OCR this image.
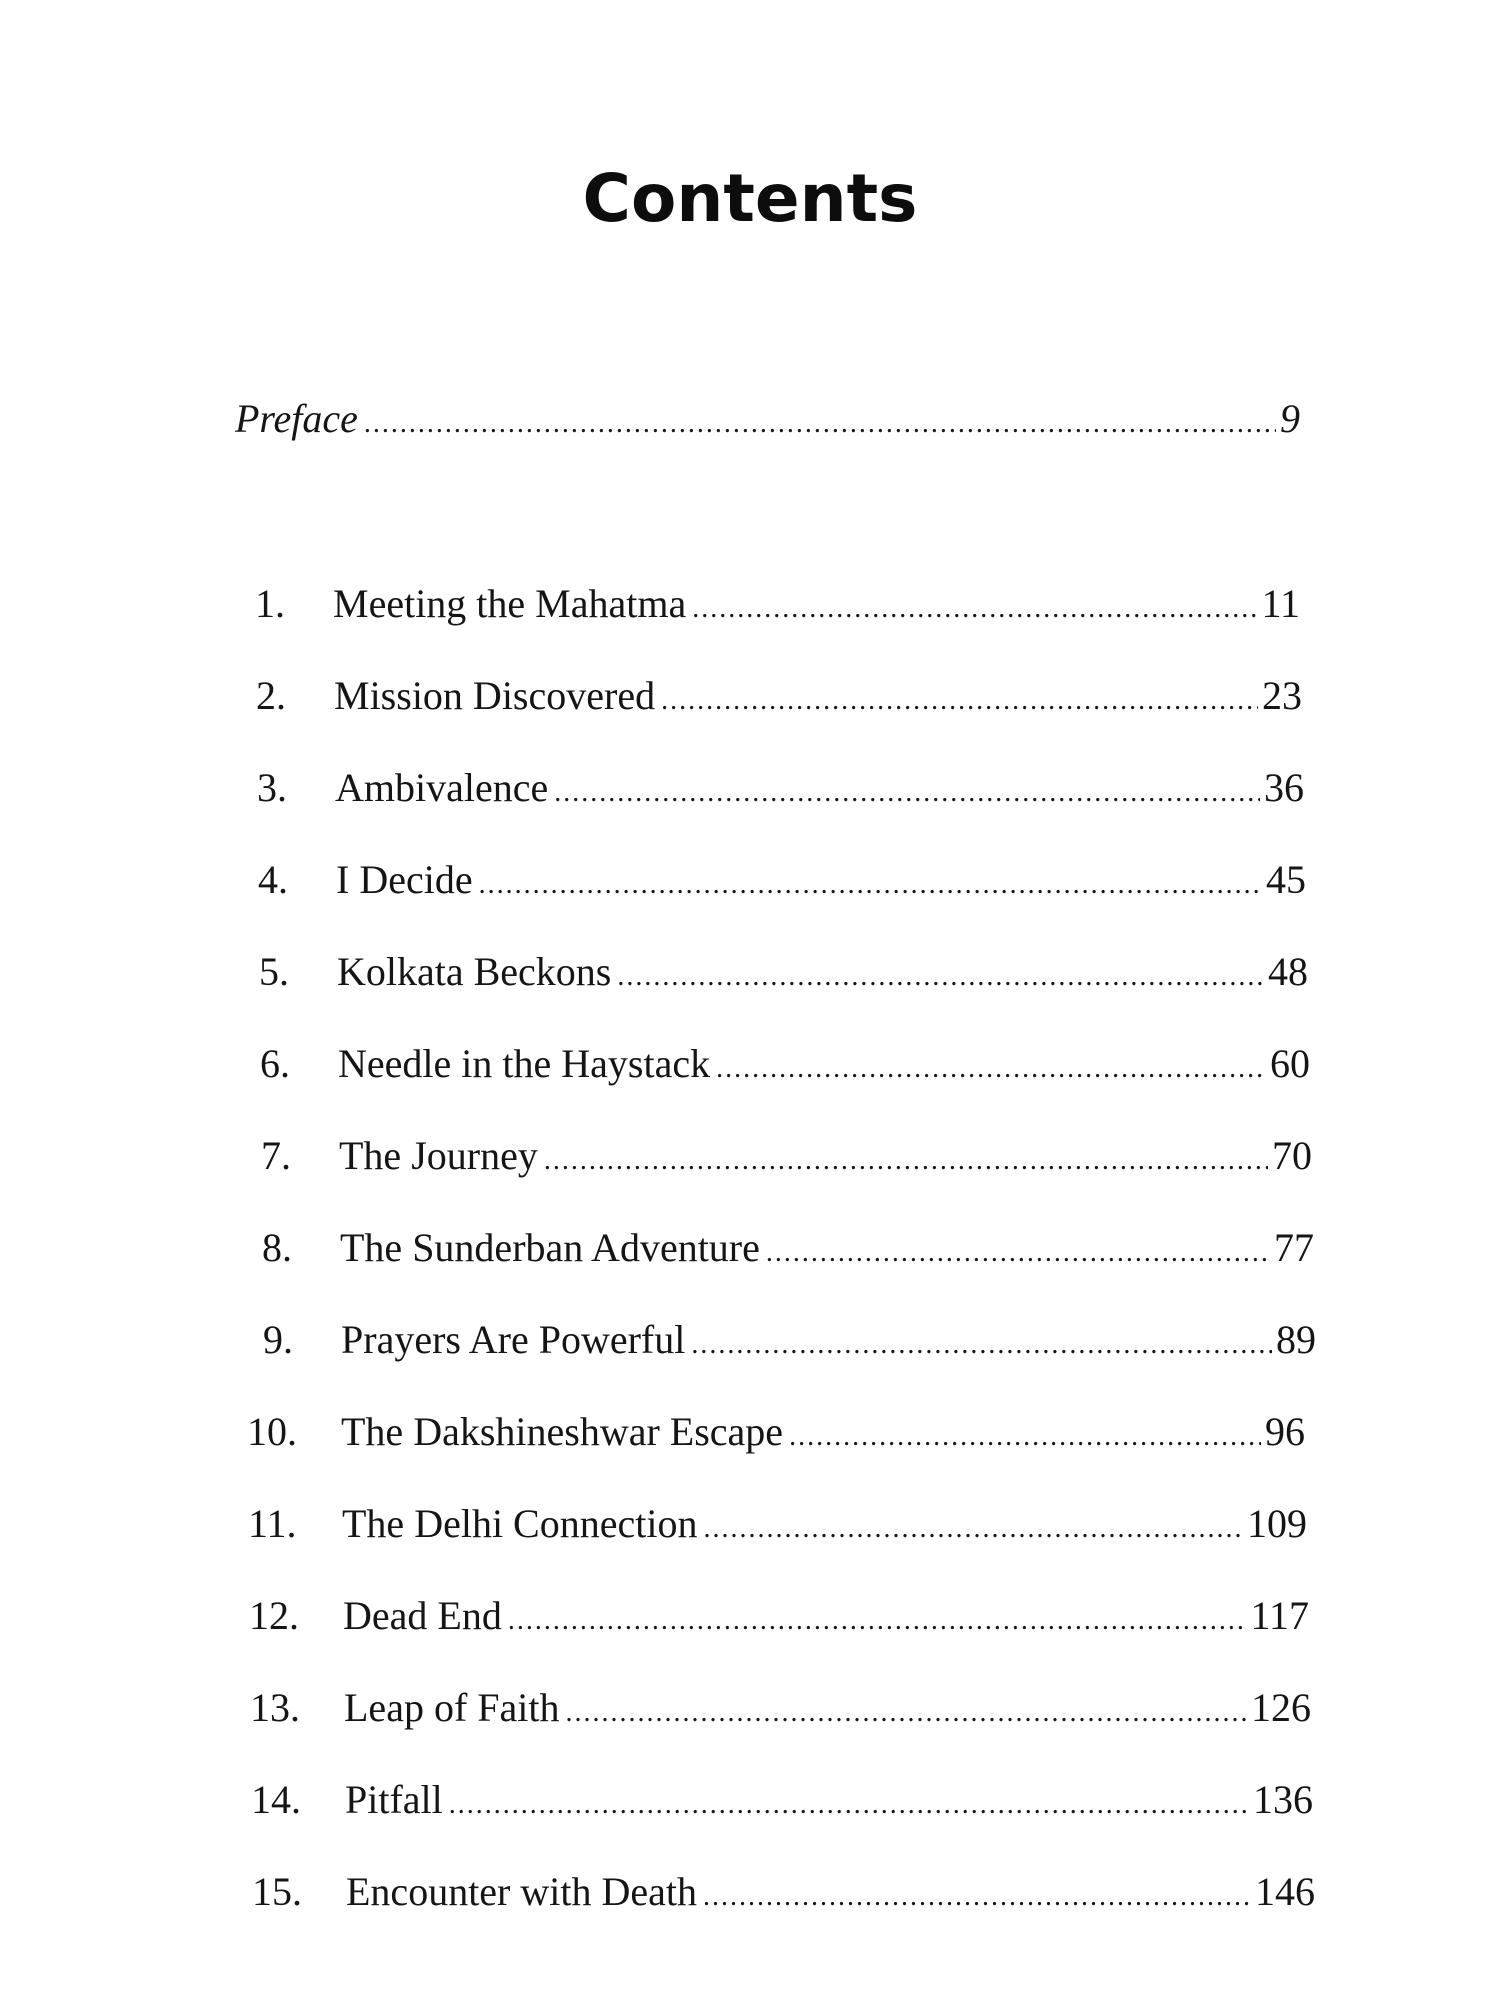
Contents
Preface .....	9
1.	Meeting the Mahatma .....	11
2.	Mission Discovered .....	23
3.	Ambivalence .....	36
4.	I Decide .....	45
5.	Kolkata Beckons .....	48
6.	Needle in the Haystack .....	60
7.	The Journey .....	70
8.	The Sunderban Adventure .....	77
9.	Prayers Are Powerful .....	89
10.	The Dakshineshwar Escape .....	96
11.	The Delhi Connection .....	109
12.	Dead End .....	117
13.	Leap of Faith .....	126
14.	Pitfall .....	136
15.	Encounter with Death .....	146
